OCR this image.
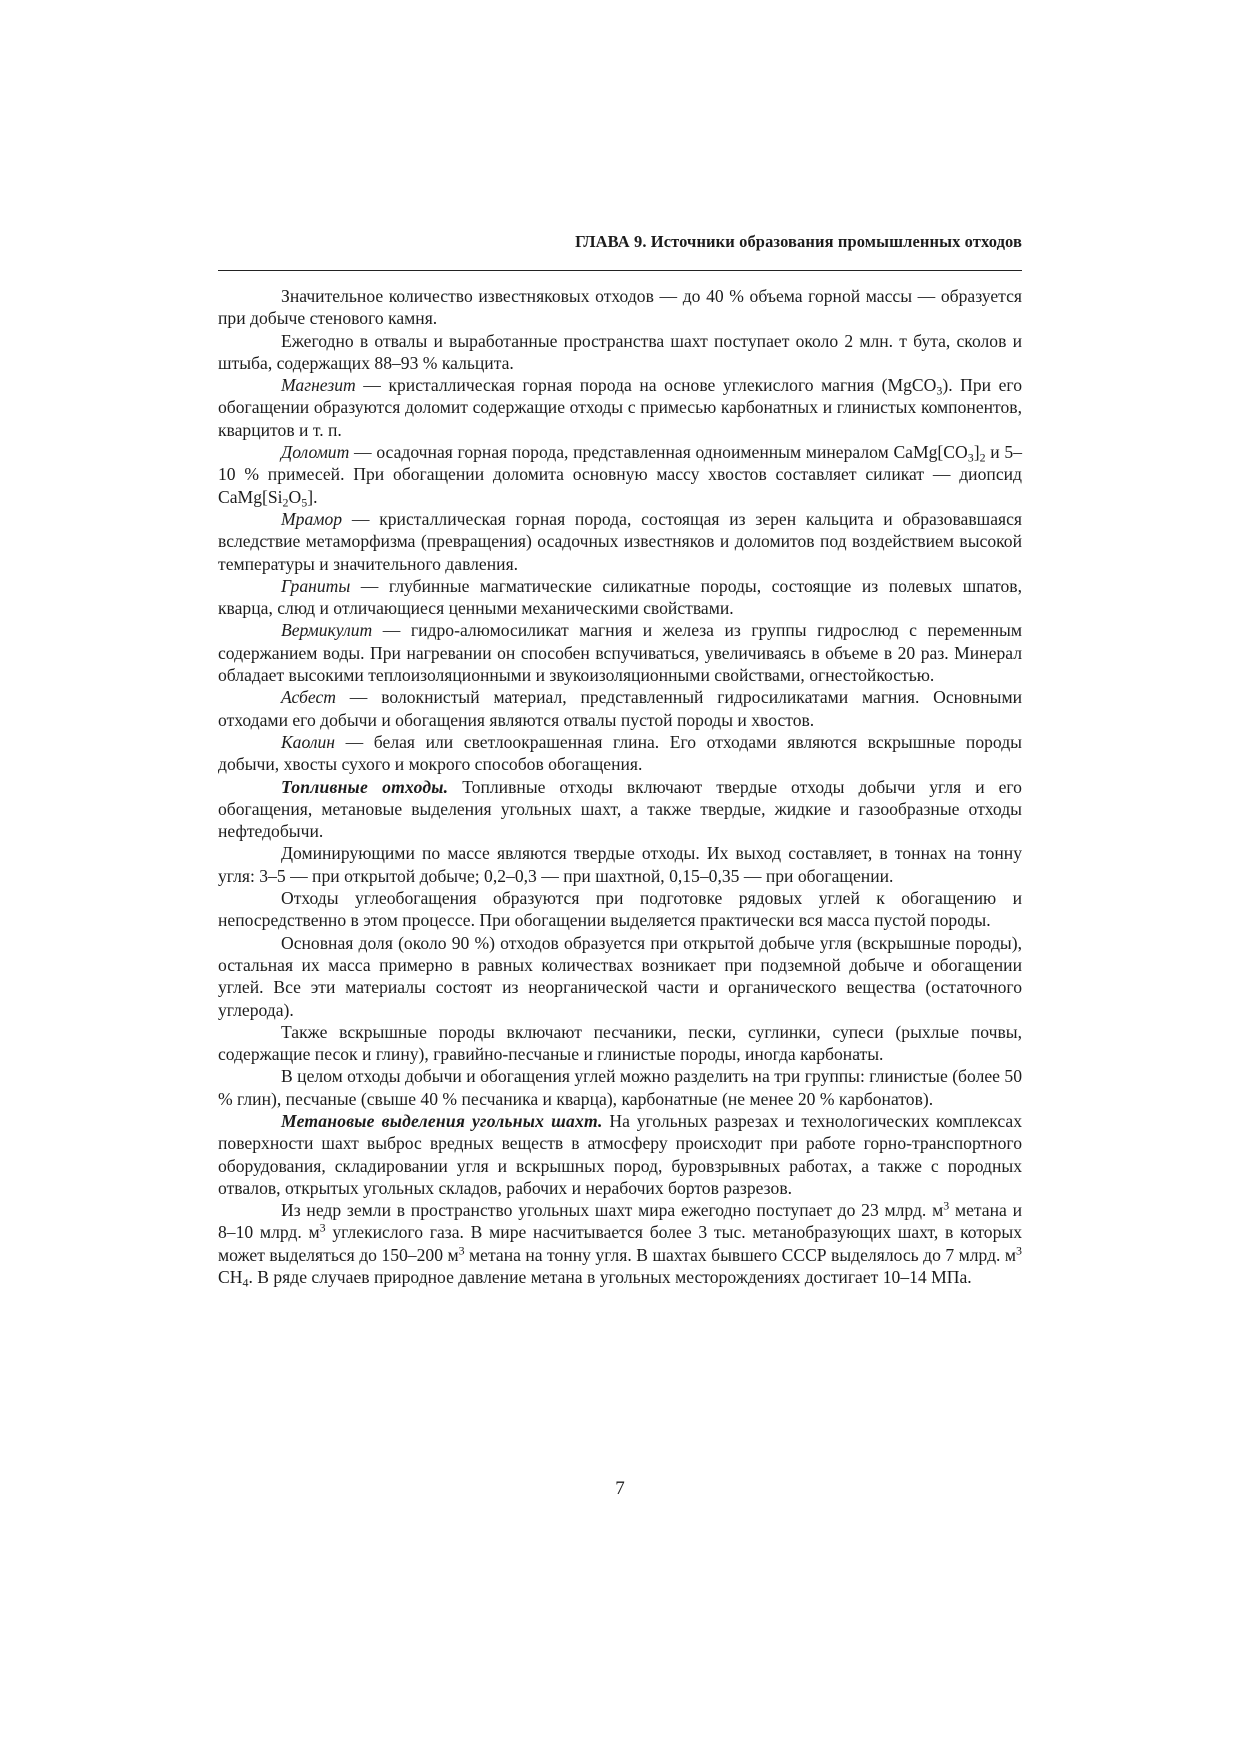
ГЛАВА 9. Источники образования промышленных отходов

Значительное количество известняковых отходов — до 40 % объема горной массы — образуется при добыче стенового камня.

Ежегодно в отвалы и выработанные пространства шахт поступает около 2 млн. т бута, сколов и штыба, содержащих 88–93 % кальцита.

Магнезит — кристаллическая горная порода на основе углекислого магния (MgCO$_3$). При его обогащении образуются доломит содержащие отходы с примесью карбонатных и глинистых компонентов, кварцитов и т. п.

Доломит — осадочная горная порода, представленная одноименным минералом $CaMg[CO_3]_2$ и 5–10 % примесей. При обогащении доломита основную массу хвостов составляет силикат — диопсид $CaMg[Si_2O_5]$.

Мрамор — кристаллическая горная порода, состоящая из зерен кальцита и образовавшаяся вследствие метаморфизма (превращения) осадочных известняков и доломитов под воздействием высокой температуры и значительного давления.

Граниты — глубинные магматические силикатные породы, состоящие из полевых шпатов, кварца, слюд и отличающиеся ценными механическими свойствами.

Вермикулит — гидро-алюмосиликат магния и железа из группы гидрослюд с переменным содержанием воды. При нагревании он способен вспучиваться, увеличиваясь в объеме в 20 раз. Минерал обладает высокими теплоизоляционными и звукоизоляционными свойствами, огнестойкостью.

Асбест — волокнистый материал, представленный гидросиликатами магния. Основными отходами его добычи и обогащения являются отвалы пустой породы и хвостов.

Каолин — белая или светлоокрашенная глина. Его отходами являются вскрышные породы добычи, хвосты сухого и мокрого способов обогащения.

Топливные отходы. Топливные отходы включают твердые отходы добычи угля и его обогащения, метановые выделения угольных шахт, а также твердые, жидкие и газообразные отходы нефтедобычи.

Доминирующими по массе являются твердые отходы. Их выход составляет, в тоннах на тонну угля: 3–5 — при открытой добыче; 0,2–0,3 — при шахтной, 0,15–0,35 — при обогащении.

Отходы углеобогащения образуются при подготовке рядовых углей к обогащению и непосредственно в этом процессе. При обогащении выделяется практически вся масса пустой породы.

Основная доля (около 90 %) отходов образуется при открытой добыче угля (вскрышные породы), остальная их масса примерно в равных количествах возникает при подземной добыче и обогащении углей. Все эти материалы состоят из неорганической части и органического вещества (остаточного углерода).

Также вскрышные породы включают песчаники, пески, суглинки, супеси (рыхлые почвы, содержащие песок и глину), гравийно-песчаные и глинистые породы, иногда карбонаты.

В целом отходы добычи и обогащения углей можно разделить на три группы: глинистые (более 50 % глин), песчаные (свыше 40 % песчаника и кварца), карбонатные (не менее 20 % карбонатов).

Метановые выделения угольных шахт. На угольных разрезах и технологических комплексах поверхности шахт выброс вредных веществ в атмосферу происходит при работе горно-транспортного оборудования, складировании угля и вскрышных пород, буровзрывных работах, а также с породных отвалов, открытых угольных складов, рабочих и нерабочих бортов разрезов.

Из недр земли в пространство угольных шахт мира ежегодно поступает до 23 млрд. $м^3$ метана и 8–10 млрд. $м^3$ углекислого газа. В мире насчитывается более 3 тыс. метанобразующих шахт, в которых может выделяться до 150–200 $м^3$ метана на тонну угля. В шахтах бывшего СССР выделялось до 7 млрд. $м^3$ $CH_4$. В ряде случаев природное давление метана в угольных месторождениях достигает 10–14 МПа.

7
